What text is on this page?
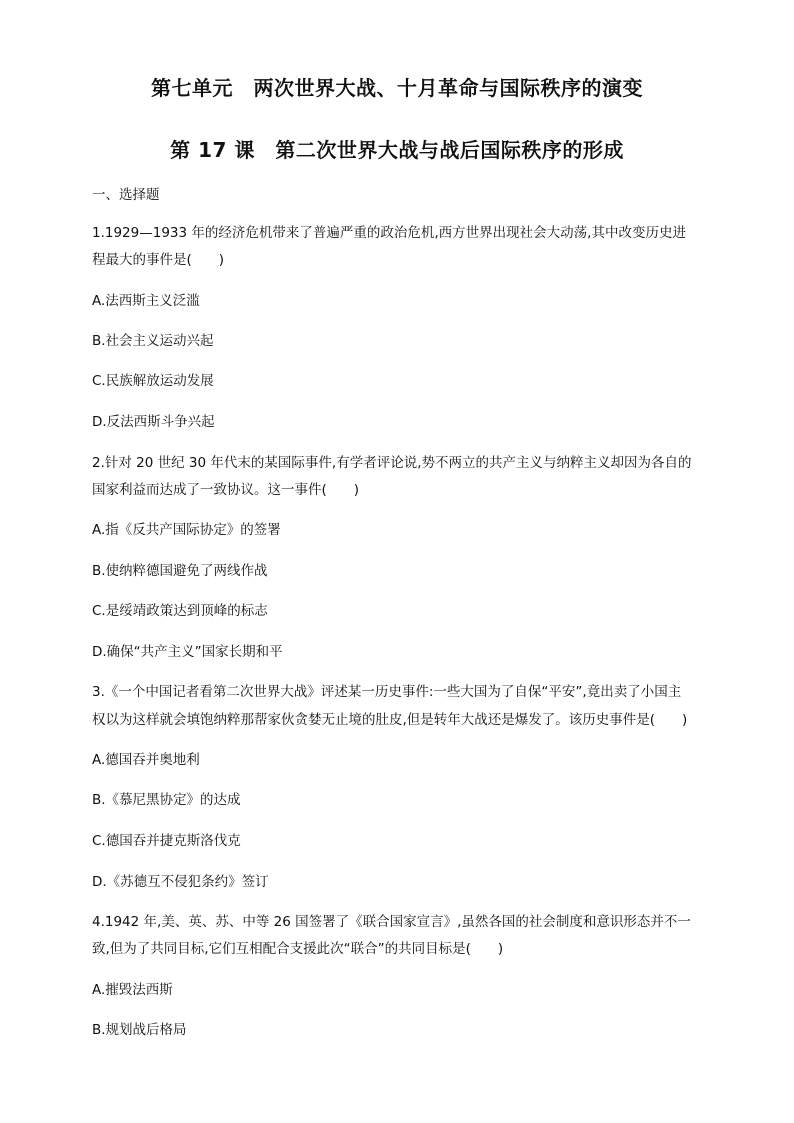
第七单元　两次世界大战、十月革命与国际秩序的演变
第 17 课　第二次世界大战与战后国际秩序的形成
一、选择题
1.1929—1933 年的经济危机带来了普遍严重的政治危机,西方世界出现社会大动荡,其中改变历史进
程最大的事件是(　　)
A.法西斯主义泛滥
B.社会主义运动兴起
C.民族解放运动发展
D.反法西斯斗争兴起
2.针对 20 世纪 30 年代末的某国际事件,有学者评论说,势不两立的共产主义与纳粹主义却因为各自的
国家利益而达成了一致协议。这一事件(　　)
A.指《反共产国际协定》的签署
B.使纳粹德国避免了两线作战
C.是绥靖政策达到顶峰的标志
D.确保“共产主义”国家长期和平
3.《一个中国记者看第二次世界大战》评述某一历史事件:一些大国为了自保“平安”,竟出卖了小国主
权以为这样就会填饱纳粹那帮家伙贪婪无止境的肚皮,但是转年大战还是爆发了。该历史事件是(　　)
A.德国吞并奥地利
B.《慕尼黑协定》的达成
C.德国吞并捷克斯洛伐克
D.《苏德互不侵犯条约》签订
4.1942 年,美、英、苏、中等 26 国签署了《联合国家宣言》,虽然各国的社会制度和意识形态并不一
致,但为了共同目标,它们互相配合支援此次“联合”的共同目标是(　　)
A.摧毁法西斯
B.规划战后格局
